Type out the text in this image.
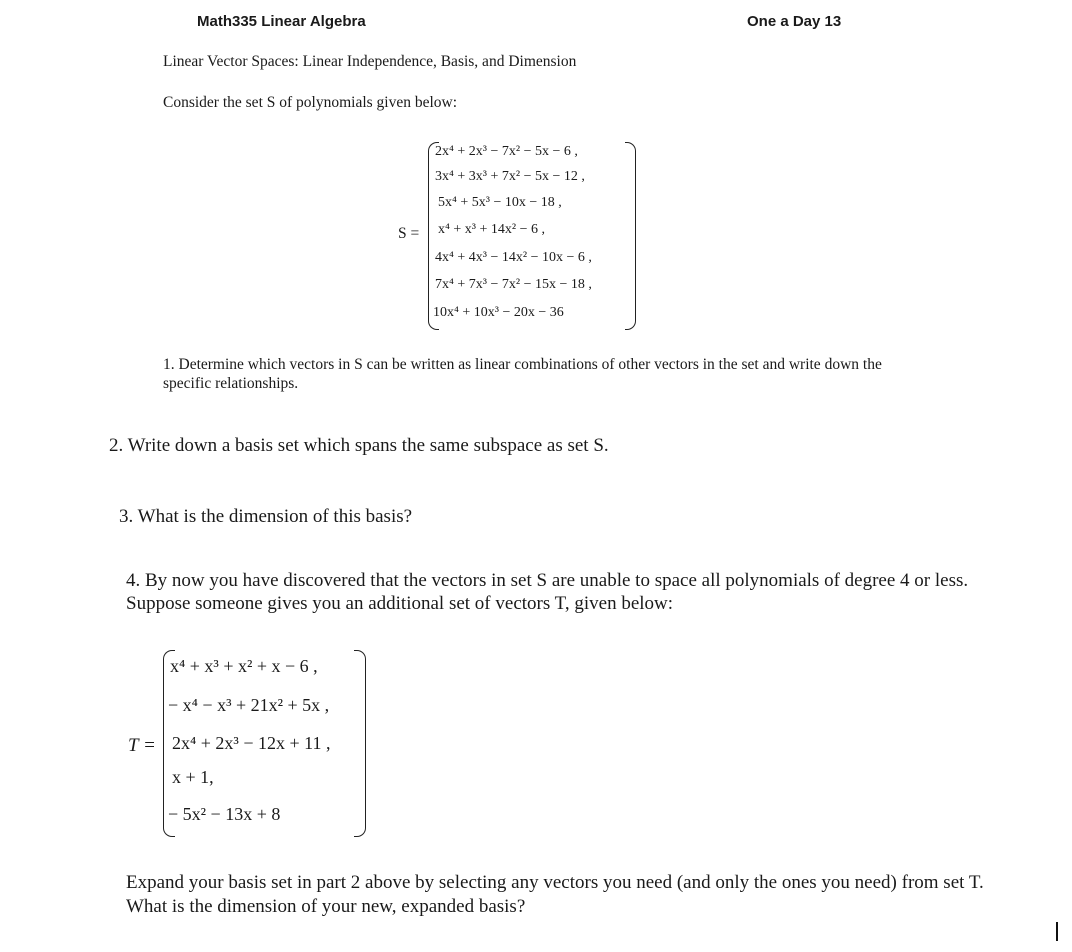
Math335 Linear Algebra	One a Day 13
Linear Vector Spaces: Linear Independence, Basis, and Dimension
Consider the set S of polynomials given below:
S =
2x⁴ + 2x³ − 7x² − 5x − 6 ,
3x⁴ + 3x³ + 7x² − 5x − 12 ,
5x⁴ + 5x³ − 10x − 18 ,
x⁴ + x³ + 14x² − 6 ,
4x⁴ + 4x³ − 14x² − 10x − 6 ,
7x⁴ + 7x³ − 7x² − 15x − 18 ,
10x⁴ + 10x³ − 20x − 36
1. Determine which vectors in S can be written as linear combinations of other vectors in the set and write down the specific relationships.
2. Write down a basis set which spans the same subspace as set S.
3. What is the dimension of this basis?
4. By now you have discovered that the vectors in set S are unable to space all polynomials of degree 4 or less. Suppose someone gives you an additional set of vectors T, given below:
T =
x⁴ + x³ + x² + x − 6 ,
− x⁴ − x³ + 21x² + 5x ,
2x⁴ + 2x³ − 12x + 11 ,
x + 1,
− 5x² − 13x + 8
Expand your basis set in part 2 above by selecting any vectors you need (and only the ones you need) from set T. What is the dimension of your new, expanded basis?
